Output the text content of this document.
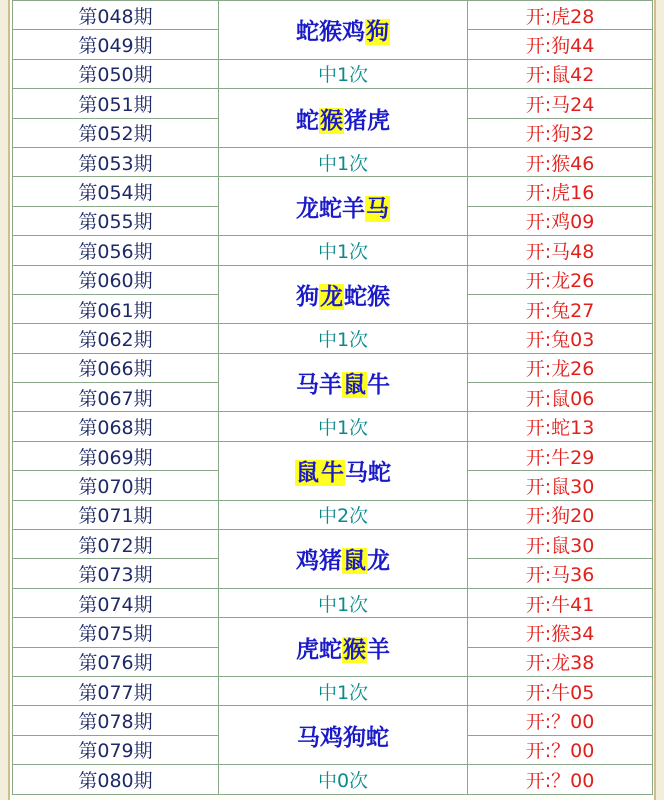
第048期	蛇猴鸡狗	开:虎28
第049期		开:狗44
第050期	中1次	开:鼠42
第051期	蛇猴猪虎	开:马24
第052期		开:狗32
第053期	中1次	开:猴46
第054期	龙蛇羊马	开:虎16
第055期		开:鸡09
第056期	中1次	开:马48
第060期	狗龙蛇猴	开:龙26
第061期		开:兔27
第062期	中1次	开:兔03
第066期	马羊鼠牛	开:龙26
第067期		开:鼠06
第068期	中1次	开:蛇13
第069期	鼠牛马蛇	开:牛29
第070期		开:鼠30
第071期	中2次	开:狗20
第072期	鸡猪鼠龙	开:鼠30
第073期		开:马36
第074期	中1次	开:牛41
第075期	虎蛇猴羊	开:猴34
第076期		开:龙38
第077期	中1次	开:牛05
第078期	马鸡狗蛇	开:？00
第079期		开:？00
第080期	中0次	开:？00
